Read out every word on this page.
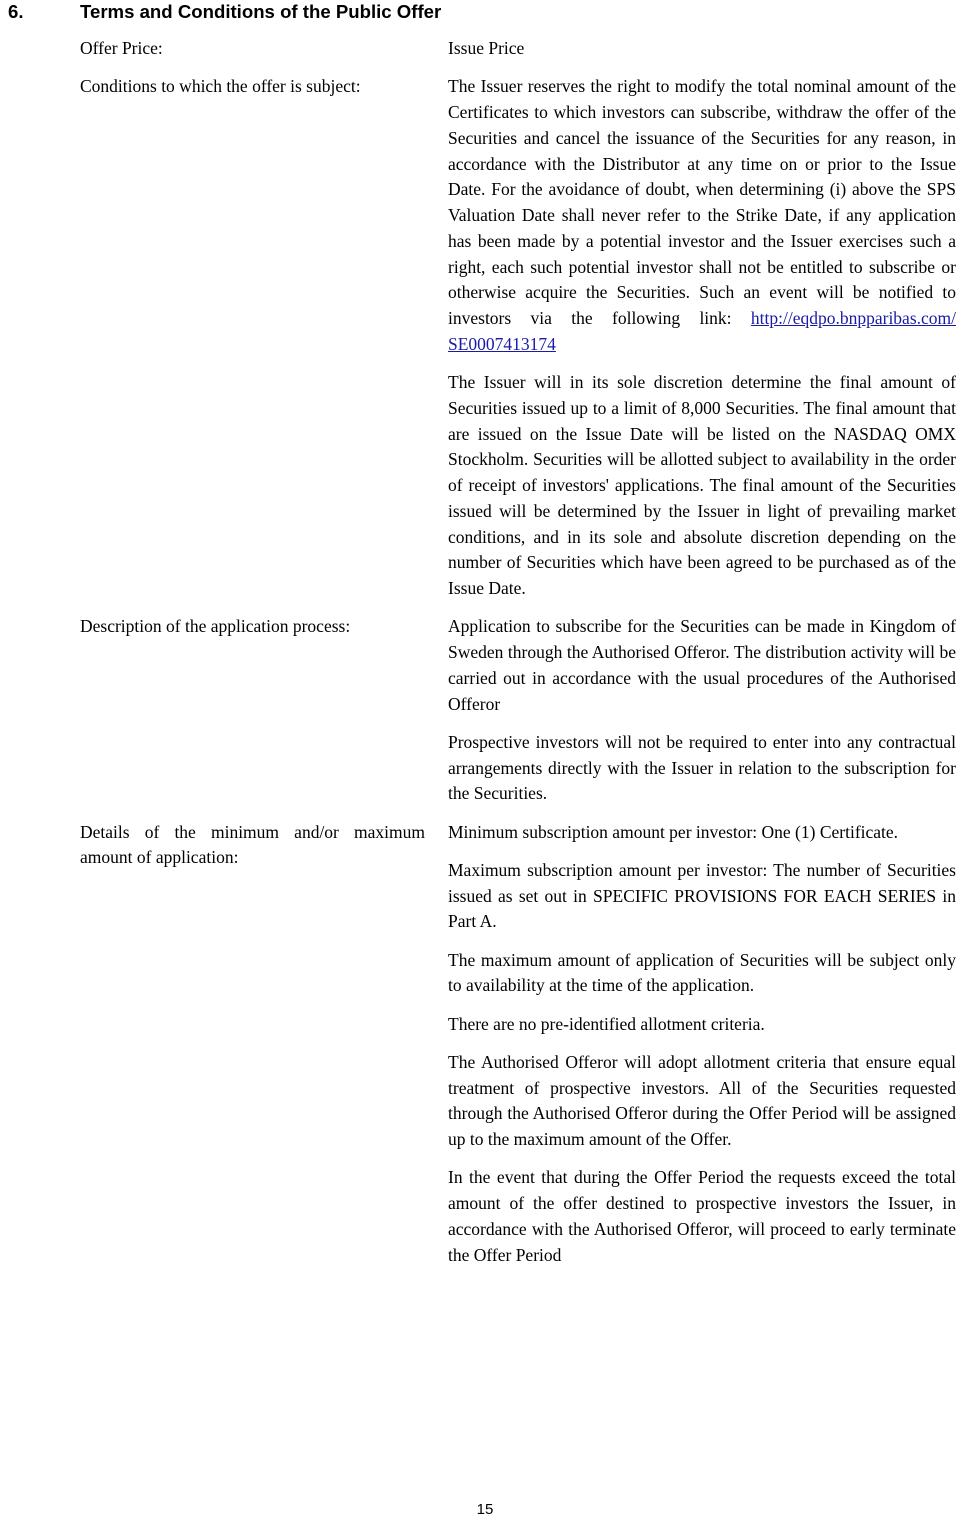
6.	Terms and Conditions of the Public Offer
Offer Price:	Issue Price

Conditions to which the offer is subject:	The Issuer reserves the right to modify the total nominal amount of the Certificates to which investors can subscribe, withdraw the offer of the Securities and cancel the issuance of the Securities for any reason, in accordance with the Distributor at any time on or prior to the Issue Date. For the avoidance of doubt, when determining (i) above the SPS Valuation Date shall never refer to the Strike Date, if any application has been made by a potential investor and the Issuer exercises such a right, each such potential investor shall not be entitled to subscribe or otherwise acquire the Securities. Such an event will be notified to investors via the following link: http://eqdpo.bnpparibas.com/ SE0007413174

The Issuer will in its sole discretion determine the final amount of Securities issued up to a limit of 8,000 Securities. The final amount that are issued on the Issue Date will be listed on the NASDAQ OMX Stockholm. Securities will be allotted subject to availability in the order of receipt of investors' applications. The final amount of the Securities issued will be determined by the Issuer in light of prevailing market conditions, and in its sole and absolute discretion depending on the number of Securities which have been agreed to be purchased as of the Issue Date.

Description of the application process:	Application to subscribe for the Securities can be made in Kingdom of Sweden through the Authorised Offeror. The distribution activity will be carried out in accordance with the usual procedures of the Authorised Offeror

Prospective investors will not be required to enter into any contractual arrangements directly with the Issuer in relation to the subscription for the Securities.

Details of the minimum and/or maximum amount of application:

Minimum subscription amount per investor: One (1) Certificate.

Maximum subscription amount per investor: The number of Securities issued as set out in SPECIFIC PROVISIONS FOR EACH SERIES in Part A.

The maximum amount of application of Securities will be subject only to availability at the time of the application.

There are no pre-identified allotment criteria.

The Authorised Offeror will adopt allotment criteria that ensure equal treatment of prospective investors. All of the Securities requested through the Authorised Offeror during the Offer Period will be assigned up to the maximum amount of the Offer.

In the event that during the Offer Period the requests exceed the total amount of the offer destined to prospective investors the Issuer, in accordance with the Authorised Offeror, will proceed to early terminate the Offer Period

15
